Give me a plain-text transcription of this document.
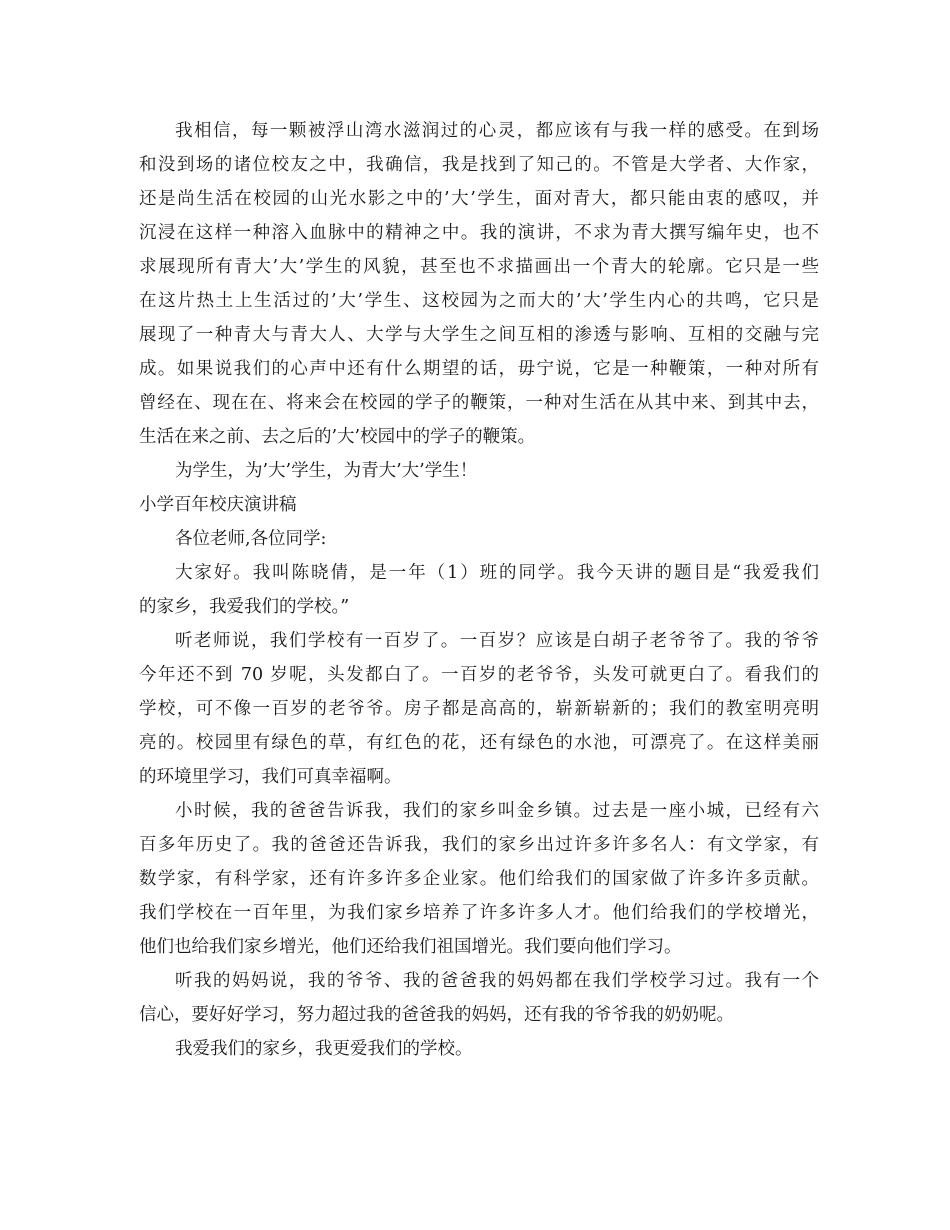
我相信，每一颗被浮山湾水滋润过的心灵，都应该有与我一样的感受。在到场
和没到场的诸位校友之中，我确信，我是找到了知己的。不管是大学者、大作家，
还是尚生活在校园的山光水影之中的’大’学生，面对青大，都只能由衷的感叹，并
沉浸在这样一种溶入血脉中的精神之中。我的演讲，不求为青大撰写编年史，也不
求展现所有青大’大’学生的风貌，甚至也不求描画出一个青大的轮廓。它只是一些
在这片热土上生活过的’大’学生、这校园为之而大的’大’学生内心的共鸣，它只是
展现了一种青大与青大人、大学与大学生之间互相的渗透与影响、互相的交融与完
成。如果说我们的心声中还有什么期望的话，毋宁说，它是一种鞭策，一种对所有
曾经在、现在在、将来会在校园的学子的鞭策，一种对生活在从其中来、到其中去，
生活在来之前、去之后的’大’校园中的学子的鞭策。
为学生，为’大’学生，为青大’大’学生！
小学百年校庆演讲稿
各位老师,各位同学:
大家好。我叫陈晓倩，是一年（1）班的同学。我今天讲的题目是“我爱我们
的家乡，我爱我们的学校。”
听老师说，我们学校有一百岁了。一百岁？应该是白胡子老爷爷了。我的爷爷
今年还不到 70 岁呢，头发都白了。一百岁的老爷爷，头发可就更白了。看我们的
学校，可不像一百岁的老爷爷。房子都是高高的，崭新崭新的；我们的教室明亮明
亮的。校园里有绿色的草，有红色的花，还有绿色的水池，可漂亮了。在这样美丽
的环境里学习，我们可真幸福啊。
小时候，我的爸爸告诉我，我们的家乡叫金乡镇。过去是一座小城，已经有六
百多年历史了。我的爸爸还告诉我，我们的家乡出过许多许多名人：有文学家，有
数学家，有科学家，还有许多许多企业家。他们给我们的国家做了许多许多贡献。
我们学校在一百年里，为我们家乡培养了许多许多人才。他们给我们的学校增光，
他们也给我们家乡增光，他们还给我们祖国增光。我们要向他们学习。
听我的妈妈说，我的爷爷、我的爸爸我的妈妈都在我们学校学习过。我有一个
信心，要好好学习，努力超过我的爸爸我的妈妈，还有我的爷爷我的奶奶呢。
我爱我们的家乡，我更爱我们的学校。
